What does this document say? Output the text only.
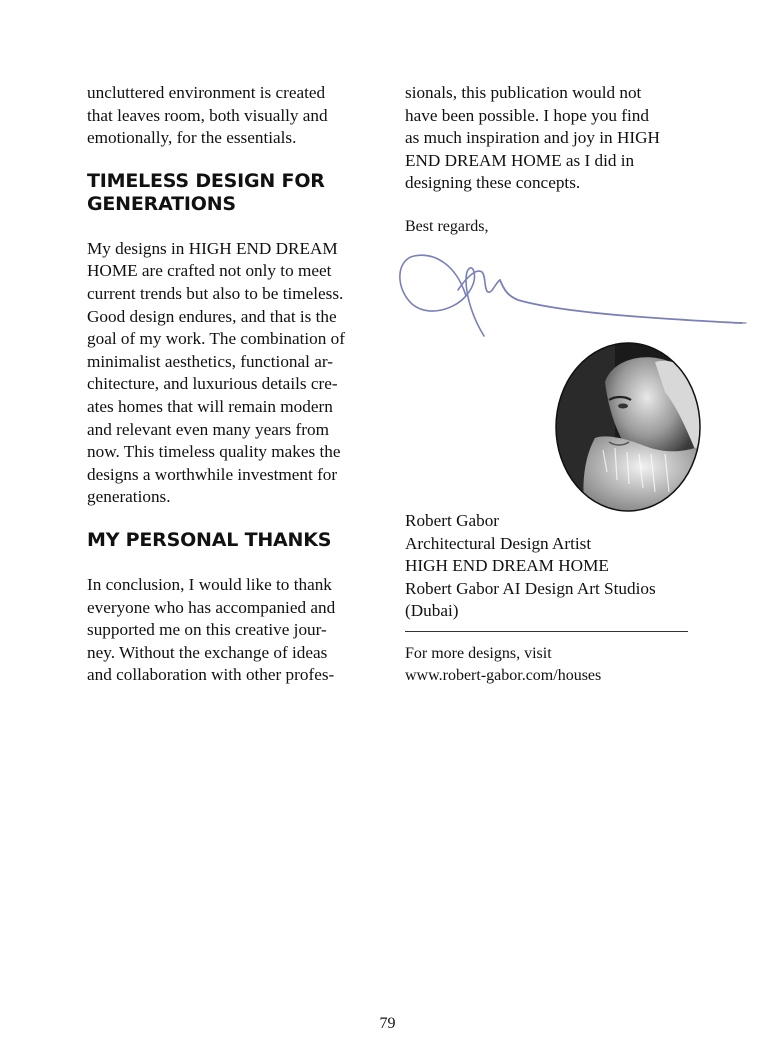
uncluttered environment is created
that leaves room, both visually and
emotionally, for the essentials.

TIMELESS DESIGN FOR
GENERATIONS

My designs in HIGH END DREAM
HOME are crafted not only to meet
current trends but also to be timeless.
Good design endures, and that is the
goal of my work. The combination of
minimalist aesthetics, functional ar-
chitecture, and luxurious details cre-
ates homes that will remain modern
and relevant even many years from
now. This timeless quality makes the
designs a worthwhile investment for
generations.

MY PERSONAL THANKS

In conclusion, I would like to thank
everyone who has accompanied and
supported me on this creative jour-
ney. Without the exchange of ideas
and collaboration with other profes-

sionals, this publication would not
have been possible. I hope you find
as much inspiration and joy in HIGH
END DREAM HOME as I did in
designing these concepts.

Best regards,

Robert Gabor
Architectural Design Artist
HIGH END DREAM HOME
Robert Gabor AI Design Art Studios
(Dubai)

For more designs, visit
www.robert-gabor.com/houses
79
